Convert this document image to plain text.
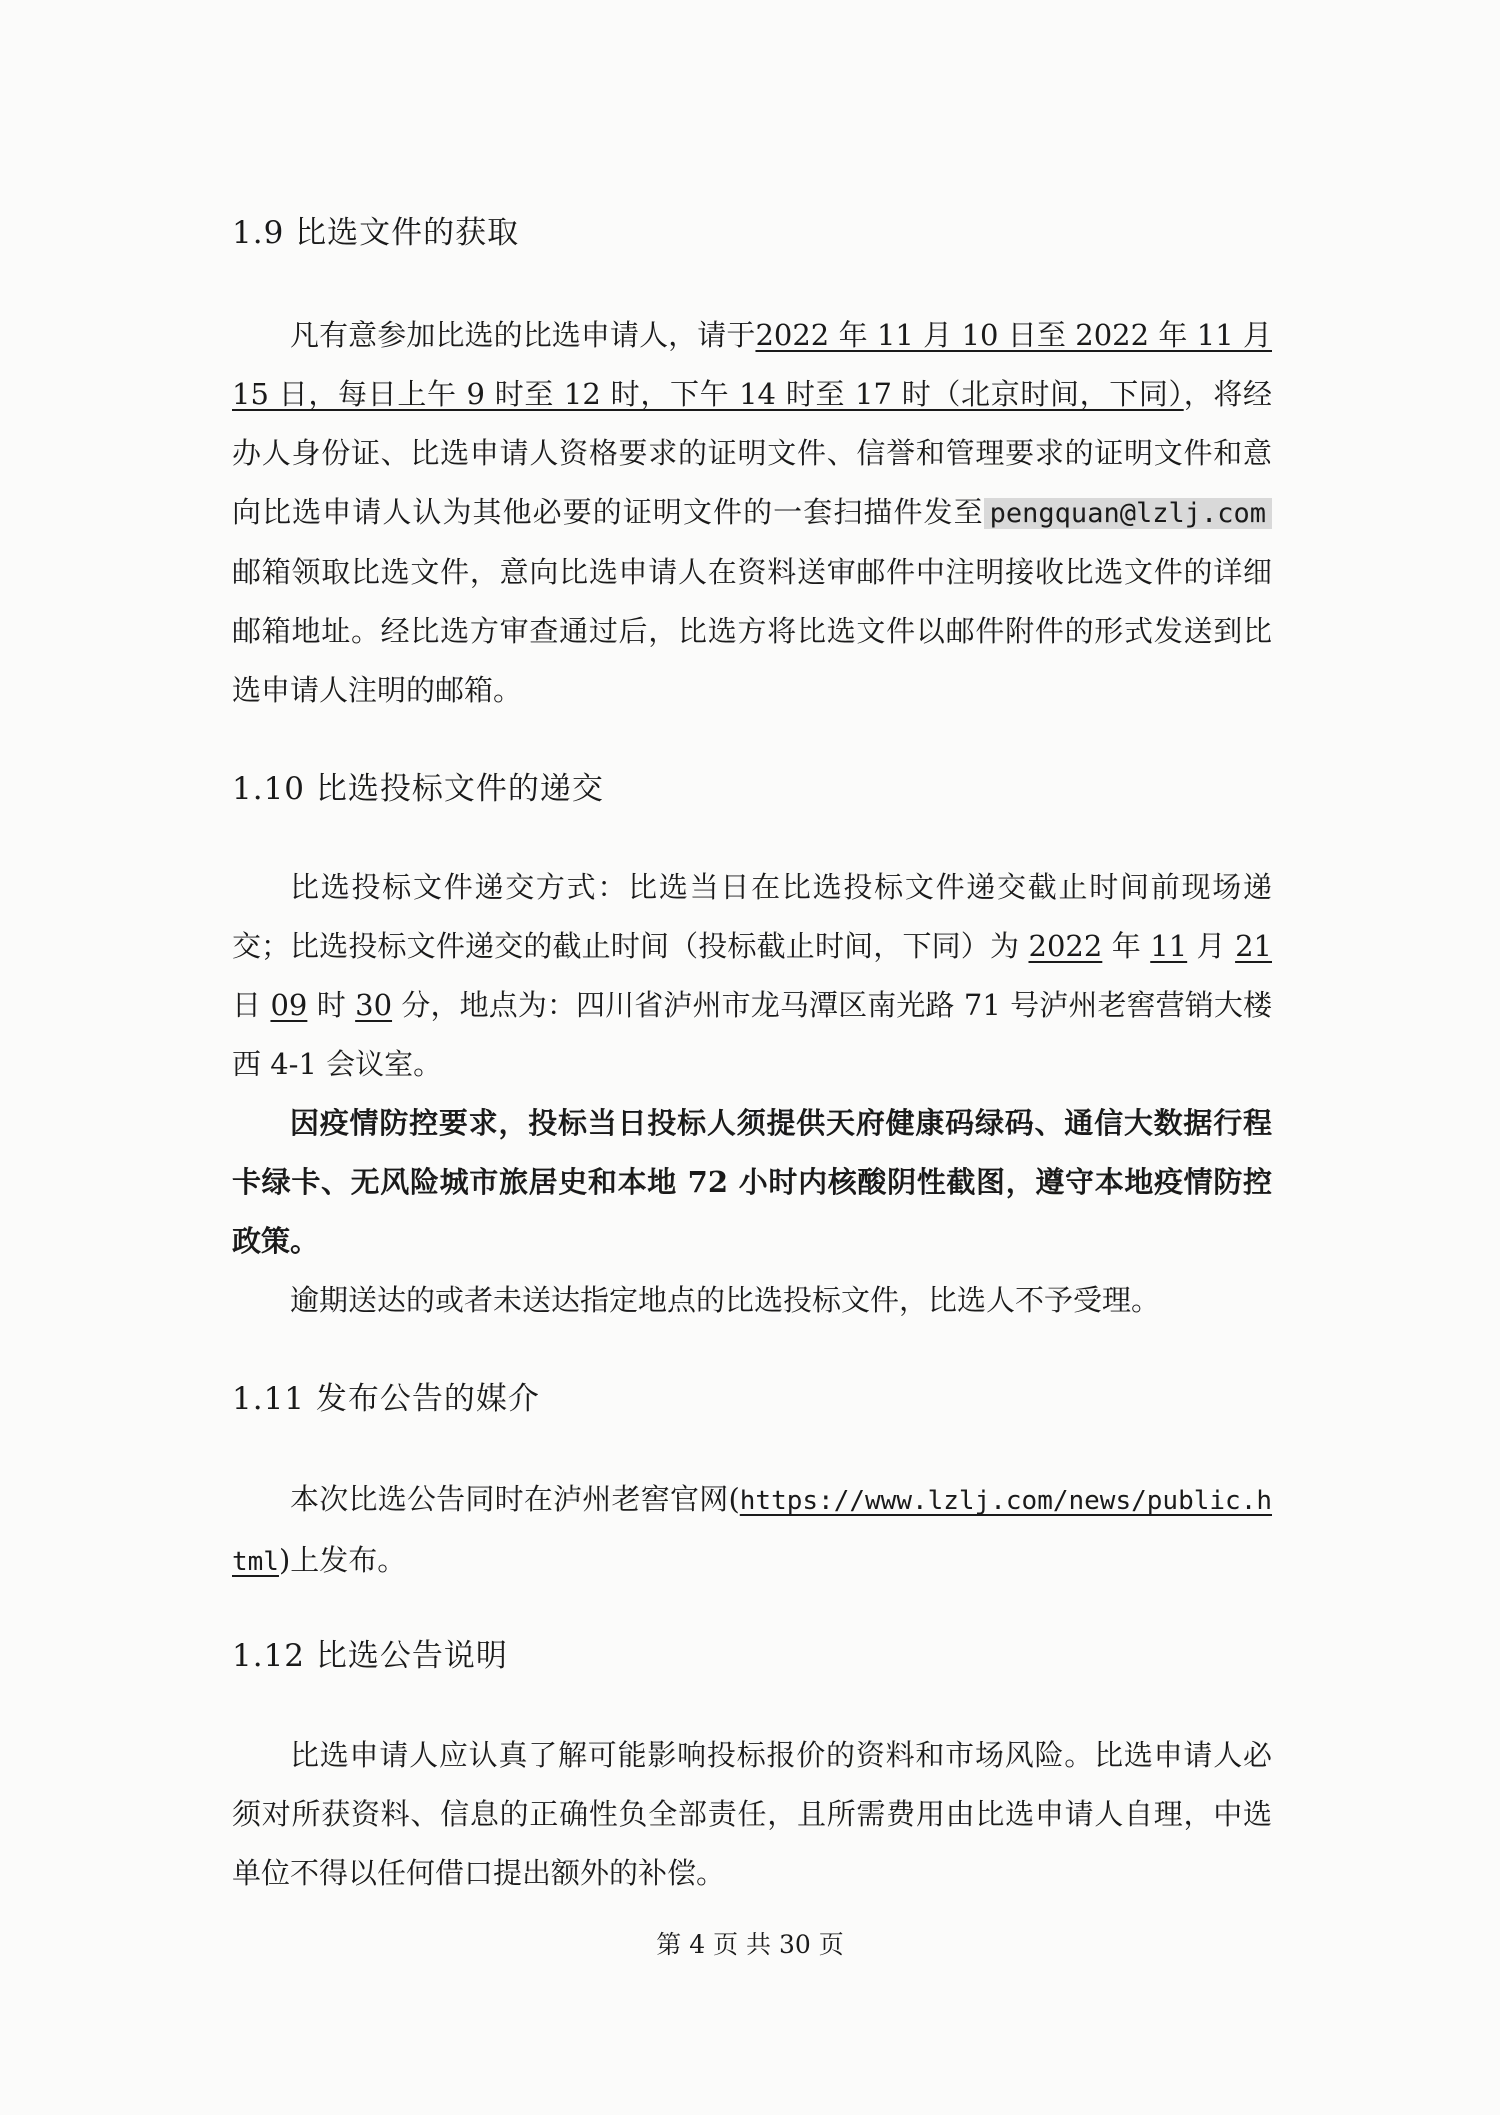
1.9 比选文件的获取
凡有意参加比选的比选申请人，请于2022 年 11 月 10 日至 2022 年 11 月 15 日，每日上午 9 时至 12 时，下午 14 时至 17 时（北京时间，下同），将经办人身份证、比选申请人资格要求的证明文件、信誉和管理要求的证明文件和意向比选申请人认为其他必要的证明文件的一套扫描件发至 pengquan@lzlj.com邮箱领取比选文件，意向比选申请人在资料送审邮件中注明接收比选文件的详细邮箱地址。经比选方审查通过后，比选方将比选文件以邮件附件的形式发送到比选申请人注明的邮箱。
1.10 比选投标文件的递交
比选投标文件递交方式：比选当日在比选投标文件递交截止时间前现场递交； 比选投标文件递交的截止时间（投标截止时间，下同）为 2022 年 11 月 21 日 09 时 30 分，地点为：四川省泸州市龙马潭区南光路 71 号泸州老窖营销大楼西 4-1 会议室。
因疫情防控要求，投标当日投标人须提供天府健康码绿码、通信大数据行程卡绿卡、无风险城市旅居史和本地 72 小时内核酸阴性截图，遵守本地疫情防控政策。
逾期送达的或者未送达指定地点的比选投标文件，比选人不予受理。
1.11 发布公告的媒介
本次比选公告同时在泸州老窖官网(https://www.lzlj.com/news/public.html)上发布。
1.12 比选公告说明
比选申请人应认真了解可能影响投标报价的资料和市场风险。比选申请人必须对所获资料、信息的正确性负全部责任，且所需费用由比选申请人自理，中选单位不得以任何借口提出额外的补偿。
第 4 页 共 30 页
